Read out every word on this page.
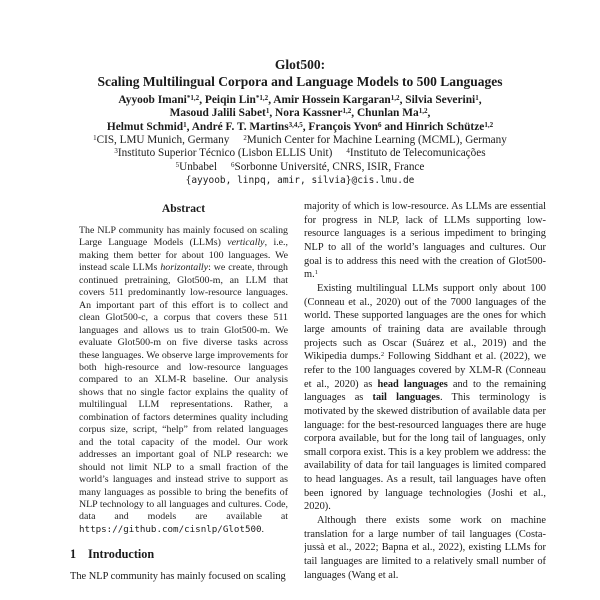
Glot500:
Scaling Multilingual Corpora and Language Models to 500 Languages
Ayyoob Imani$^{*1,2}$, Peiqin Lin$^{*1,2}$, Amir Hossein Kargaran$^{1,2}$, Silvia Severini$^1$,
Masoud Jalili Sabet$^1$, Nora Kassner$^{1,2}$, Chunlan Ma$^{1,2}$,
Helmut Schmid$^1$, André F. T. Martins$^{3,4,5}$, François Yvon$^6$ and Hinrich Schütze$^{1,2}$
$^1$CIS, LMU Munich, Germany $^2$Munich Center for Machine Learning (MCML), Germany
$^3$Instituto Superior Técnico (Lisbon ELLIS Unit) $^4$Instituto de Telecomunicações
$^5$Unbabel $^6$Sorbonne Université, CNRS, ISIR, France
{ayyoob, linpq, amir, silvia}@cis.lmu.de
Abstract

The NLP community has mainly focused on scaling Large Language Models (LLMs) vertically, i.e., making them better for about 100 languages. We instead scale LLMs horizontally: we create, through continued pretraining, Glot500-m, an LLM that covers 511 predominantly low-resource languages. An important part of this effort is to collect and clean Glot500-c, a corpus that covers these 511 languages and allows us to train Glot500-m. We evaluate Glot500-m on five diverse tasks across these languages. We observe large improvements for both high-resource and low-resource languages compared to an XLM-R baseline. Our analysis shows that no single factor explains the quality of multilingual LLM representations. Rather, a combination of factors determines quality including corpus size, script, “help” from related languages and the total capacity of the model. Our work addresses an important goal of NLP research: we should not limit NLP to a small fraction of the world’s languages and instead strive to support as many languages as possible to bring the benefits of NLP technology to all languages and cultures. Code, data and models are available at https://github.com/cisnlp/Glot500.

1 Introduction

The NLP community has mainly focused on scaling

majority of which is low-resource. As LLMs are essential for progress in NLP, lack of LLMs supporting low-resource languages is a serious impediment to bringing NLP to all of the world’s languages and cultures. Our goal is to address this need with the creation of Glot500-m.$^1$

Existing multilingual LLMs support only about 100 (Conneau et al., 2020) out of the 7000 languages of the world. These supported languages are the ones for which large amounts of training data are available through projects such as Oscar (Suárez et al., 2019) and the Wikipedia dumps.$^2$ Following Siddhant et al. (2022), we refer to the 100 languages covered by XLM-R (Conneau et al., 2020) as head languages and to the remaining languages as tail languages. This terminology is motivated by the skewed distribution of available data per language: for the best-resourced languages there are huge corpora available, but for the long tail of languages, only small corpora exist. This is a key problem we address: the availability of data for tail languages is limited compared to head languages. As a result, tail languages have often been ignored by language technologies (Joshi et al., 2020).

Although there exists some work on machine translation for a large number of tail languages (Costa-jussà et al., 2022; Bapna et al., 2022), existing LLMs for tail languages are limited to a relatively small number of languages (Wang et al.
